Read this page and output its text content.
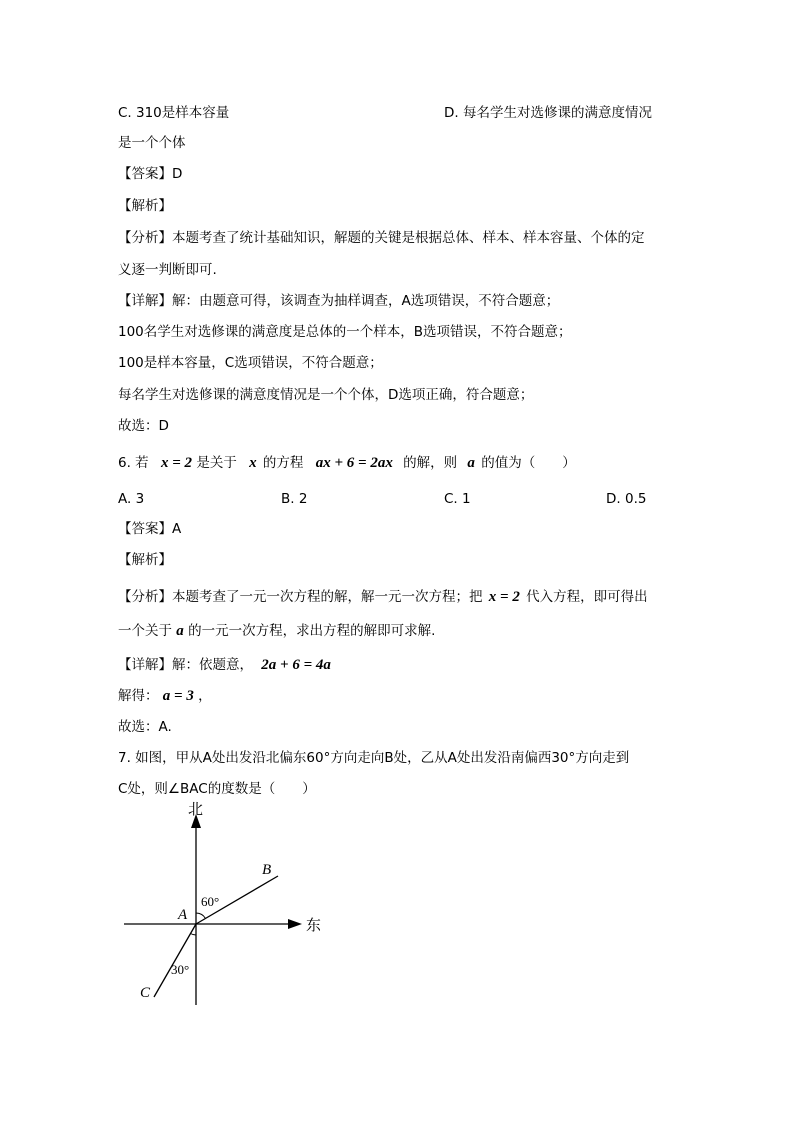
C. 310是样本容量	D. 每名学生对选修课的满意度情况
是一个个体
【答案】D
【解析】
【分析】本题考查了统计基础知识，解题的关键是根据总体、样本、样本容量、个体的定
义逐一判断即可.
【详解】解：由题意可得，该调查为抽样调查，A选项错误，不符合题意；
100名学生对选修课的满意度是总体的一个样本，B选项错误，不符合题意；
100是样本容量，C选项错误，不符合题意；
每名学生对选修课的满意度情况是一个个体，D选项正确，符合题意；
故选：D
6. 若 x = 2 是关于 x 的方程 ax + 6 = 2ax 的解，则 a 的值为（　　）
A. 3	B. 2	C. 1	D. 0.5
【答案】A
【解析】
【分析】本题考查了一元一次方程的解，解一元一次方程；把 x = 2 代入方程，即可得出
一个关于 a 的一元一次方程，求出方程的解即可求解.
【详解】解：依题意， 2a + 6 = 4a
解得： a = 3 ，
故选：A.
7. 如图，甲从A处出发沿北偏东60°方向走向B处，乙从A处出发沿南偏西30°方向走到
C处，则∠BAC的度数是（　　）
北
东
A
B
C
60°
30°
